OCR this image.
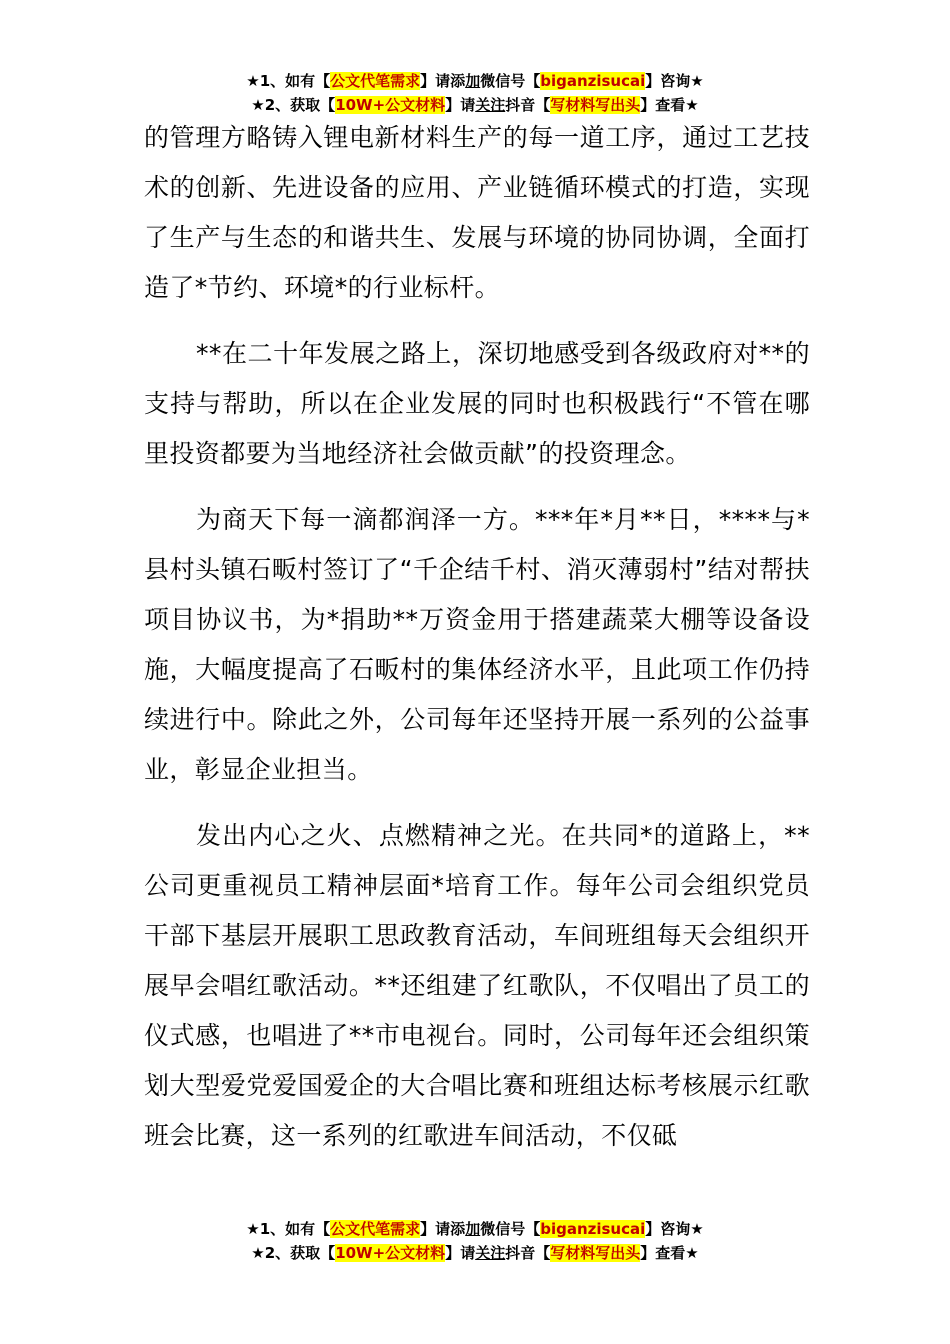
★1、如有【公文代笔需求】请添加微信号【biganzisucai】咨询★
★2、获取【10W+公文材料】请关注抖音【写材料写出头】查看★

的管理方略铸入锂电新材料生产的每一道工序，通过工艺技术的创新、先进设备的应用、产业链循环模式的打造，实现了生产与生态的和谐共生、发展与环境的协同协调，全面打造了*节约、环境*的行业标杆。

**在二十年发展之路上，深切地感受到各级政府对**的支持与帮助，所以在企业发展的同时也积极践行“不管在哪里投资都要为当地经济社会做贡献”的投资理念。

为商天下每一滴都润泽一方。***年*月**日，****与*县村头镇石畈村签订了“千企结千村、消灭薄弱村”结对帮扶项目协议书，为*捐助**万资金用于搭建蔬菜大棚等设备设施，大幅度提高了石畈村的集体经济水平，且此项工作仍持续进行中。除此之外，公司每年还坚持开展一系列的公益事业，彰显企业担当。

发出内心之火、点燃精神之光。在共同*的道路上，**公司更重视员工精神层面*培育工作。每年公司会组织党员干部下基层开展职工思政教育活动，车间班组每天会组织开展早会唱红歌活动。**还组建了红歌队，不仅唱出了员工的仪式感，也唱进了**市电视台。同时，公司每年还会组织策划大型爱党爱国爱企的大合唱比赛和班组达标考核展示红歌班会比赛，这一系列的红歌进车间活动，不仅砥

★1、如有【公文代笔需求】请添加微信号【biganzisucai】咨询★
★2、获取【10W+公文材料】请关注抖音【写材料写出头】查看★
